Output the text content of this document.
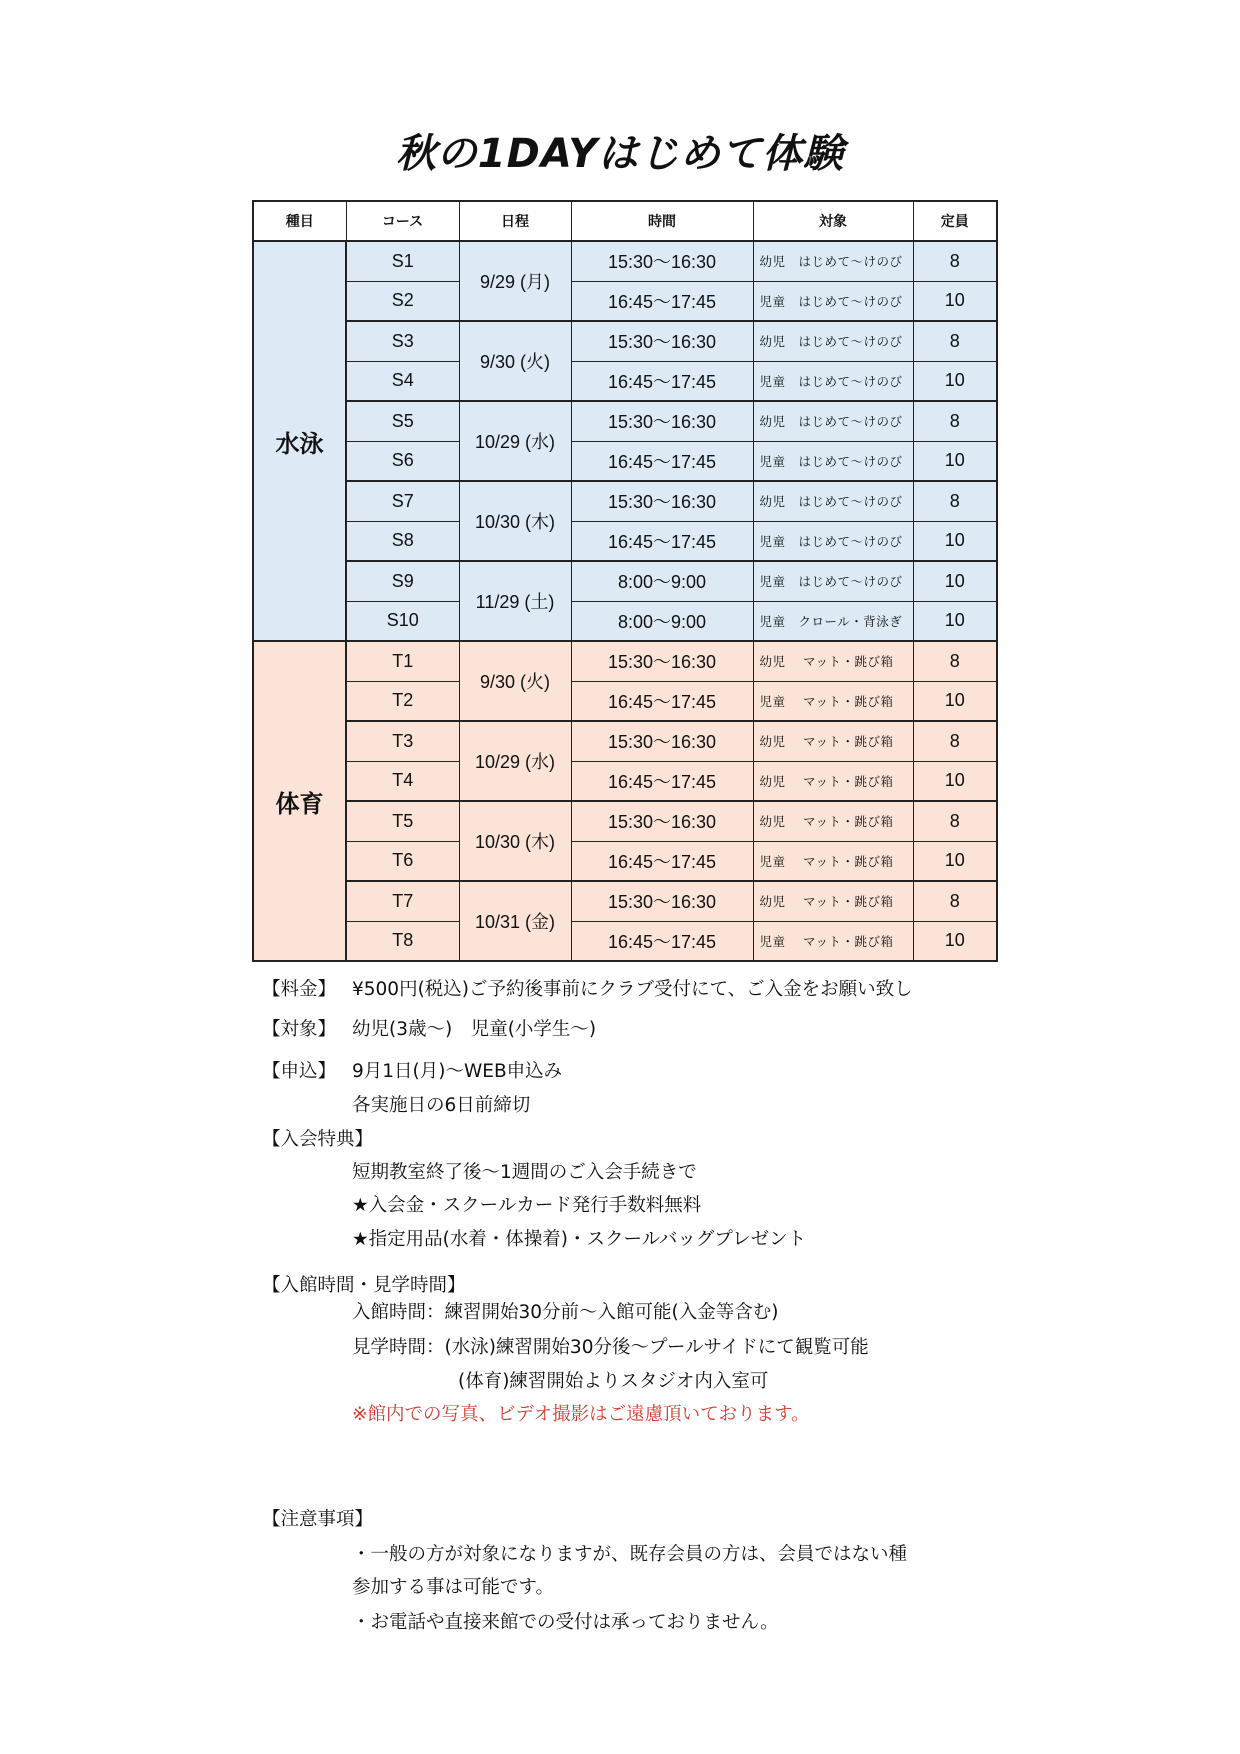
秋の1DAYはじめて体験
種目	コース	日程	時間	対象	定員
水泳	S1	9/29 (月)	15:30〜16:30	幼児　はじめて〜けのび	8
	S2		16:45〜17:45	児童　はじめて〜けのび	10
	S3	9/30 (火)	15:30〜16:30	幼児　はじめて〜けのび	8
	S4		16:45〜17:45	児童　はじめて〜けのび	10
	S5	10/29 (水)	15:30〜16:30	幼児　はじめて〜けのび	8
	S6		16:45〜17:45	児童　はじめて〜けのび	10
	S7	10/30 (木)	15:30〜16:30	幼児　はじめて〜けのび	8
	S8		16:45〜17:45	児童　はじめて〜けのび	10
	S9	11/29 (土)	8:00〜9:00	児童　はじめて〜けのび	10
	S10		8:00〜9:00	児童　クロール・背泳ぎ	10
体育	T1	9/30 (火)	15:30〜16:30	幼児　 マット・跳び箱	8
	T2		16:45〜17:45	児童　 マット・跳び箱	10
	T3	10/29 (水)	15:30〜16:30	幼児　 マット・跳び箱	8
	T4		16:45〜17:45	幼児　 マット・跳び箱	10
	T5	10/30 (木)	15:30〜16:30	幼児　 マット・跳び箱	8
	T6		16:45〜17:45	児童　 マット・跳び箱	10
	T7	10/31 (金)	15:30〜16:30	幼児　 マット・跳び箱	8
	T8		16:45〜17:45	児童　 マット・跳び箱	10
【料金】 ¥500円(税込)ご予約後事前にクラブ受付にて、ご入金をお願い致し
【対象】 幼児(3歳〜)　児童(小学生〜)
【申込】 9月1日(月)〜WEB申込み
各実施日の6日前締切
【入会特典】
短期教室終了後〜1週間のご入会手続きで
★入会金・スクールカード発行手数料無料
★指定用品(水着・体操着)・スクールバッグプレゼント
【入館時間・見学時間】
入館時間：練習開始30分前〜入館可能(入金等含む)
見学時間：(水泳)練習開始30分後〜プールサイドにて観覧可能
(体育)練習開始よりスタジオ内入室可
※館内での写真、ビデオ撮影はご遠慮頂いております。
【注意事項】
・一般の方が対象になりますが、既存会員の方は、会員ではない種
参加する事は可能です。
・お電話や直接来館での受付は承っておりません。
